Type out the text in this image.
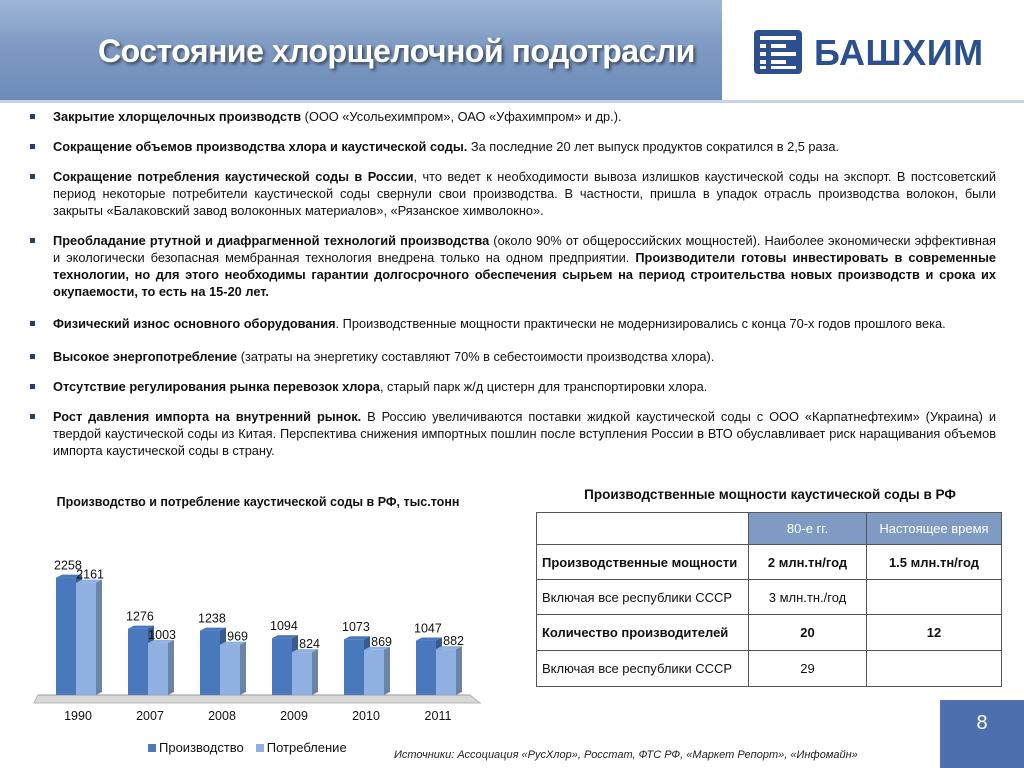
Состояние хлорщелочной подотрасли	БАШХИМ
Закрытие хлорщелочных производств (ООО «Усольехимпром», ОАО «Уфахимпром» и др.).
Сокращение объемов производства хлора и каустической соды. За последние 20 лет выпуск продуктов сократился в 2,5 раза.
Сокращение потребления каустической соды в России, что ведет к необходимости вывоза излишков каустической соды на экспорт. В постсоветский период некоторые потребители каустической соды свернули свои производства. В частности, пришла в упадок отрасль производства волокон, были закрыты «Балаковский завод волоконных материалов», «Рязанское химволокно».
Преобладание ртутной и диафрагменной технологий производства (около 90% от общероссийских мощностей). Наиболее экономически эффективная и экологически безопасная мембранная технология внедрена только на одном предприятии. Производители готовы инвестировать в современные технологии, но для этого необходимы гарантии долгосрочного обеспечения сырьем на период строительства новых производств и срока их окупаемости, то есть на 15-20 лет.
Физический износ основного оборудования. Производственные мощности практически не модернизировались с конца 70-х годов прошлого века.
Высокое энергопотребление (затраты на энергетику составляют 70% в себестоимости производства хлора).
Отсутствие регулирования рынка перевозок хлора, старый парк ж/д цистерн для транспортировки хлора.
Рост давления импорта на внутренний рынок. В Россию увеличиваются поставки жидкой каустической соды с ООО «Карпатнефтехим» (Украина) и твердой каустической соды из Китая. Перспектива снижения импортных пошлин после вступления России в ВТО обуславливает риск наращивания объемов импорта каустической соды в страну.
Производство и потребление каустической соды в РФ, тыс.тонн
2258
2161
1990
1276
1003
2007
1238
969
2008
1094
824
2009
1073
869
2010
1047
882
2011
Производство	Потребление
Производственные мощности каустической соды в РФ
	80-е гг.	Настоящее время
Производственные мощности	2 млн.тн/год	1.5 млн.тн/год
Включая все республики СССР	3 млн.тн./год	
Количество производителей	20	12
Включая все республики СССР	29	
8
Источники: Ассоциация «РусХлор», Росстат, ФТС РФ, «Маркет Репорт», «Инфомайн»
